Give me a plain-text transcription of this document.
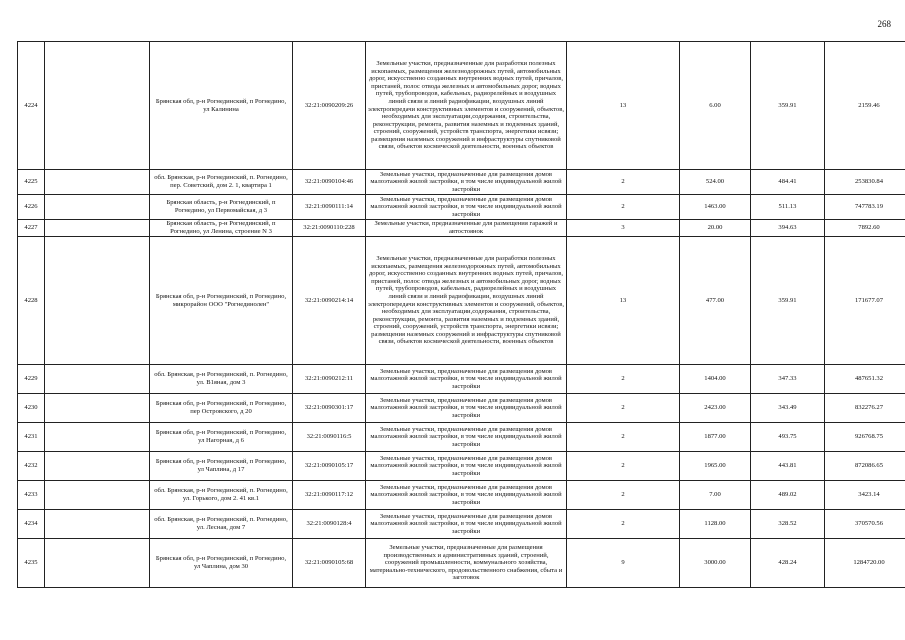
268
4224		Брянская обл, р-н Рогнединский, п Рогнедино, ул Калинина	32:21:0090209:26	Земельные участки, предназначенные для разработки полезных ископаемых, размещения железнодорожных путей, автомобильных дорог, искусственно созданных внутренних водных путей, причалов, пристаней, полос отвода железных и автомобильных дорог, водных путей, трубопроводов, кабельных, радиорелейных и воздушных линий связи и линий радиофикации, воздушных линий электропередачи конструктивных элементов и сооружений, объектов, необходимых для эксплуатации,содержания, строительства, реконструкции, ремонта, развития наземных и подземных зданий, строений, сооружений, устройств транспорта, энергетики исвязи; размещения наземных сооружений и инфраструктуры спутниковой связи, объектов космической деятельности, военных объектов	13	6.00	359.91	2159.46
4225		обл. Брянская, р-н Рогнединский, п. Рогнедино, пер. Советский, дом 2. 1, квартира 1	32:21:0090104:46	Земельные участки, предназначенные для размещения домов малоэтажной жилой застройки, в том числе индивидуальной жилой застройки	2	524.00	484.41	253830.84
4226		Брянская область, р-н Рогнединский, п Рогнедино, ул Первомайская, д 3	32:21:0090111:14	Земельные участки, предназначенные для размещения домов малоэтажной жилой застройки, в том числе индивидуальной жилой застройки	2	1463.00	511.13	747783.19
4227		Брянская область, р-н Рогнединский, п Рогнедино, ул Ленина, строение N 3	32:21:0090110:228	Земельные участки, предназначенные для размещения гаражей и автостоянок	3	20.00	394.63	7892.60
4228		Брянская обл, р-н Рогнединский, п Рогнедино, микрорайон ООО "Рогнединолен"	32:21:0090214:14	Земельные участки, предназначенные для разработки полезных ископаемых, размещения железнодорожных путей, автомобильных дорог, искусственно созданных внутренних водных путей, причалов, пристаней, полос отвода железных и автомобильных дорог, водных путей, трубопроводов, кабельных, радиорелейных и воздушных линий связи и линий радиофикации, воздушных линий электропередачи конструктивных элементов и сооружений, объектов, необходимых для эксплуатации,содержания, строительства, реконструкции, ремонта, развития наземных и подземных зданий, строений, сооружений, устройств транспорта, энергетики исвязи; размещения наземных сооружений и инфраструктуры спутниковой связи, объектов космической деятельности, военных объектов	13	477.00	359.91	171677.07
4229		обл. Брянская, р-н Рогнединский, п. Рогнедино, ул. В1яная, дом 3	32:21:0090212:11	Земельные участки, предназначенные для размещения домов малоэтажной жилой застройки, в том числе индивидуальной жилой застройки	2	1404.00	347.33	487651.32
4230		Брянская обл, р-н Рогнединский, п Рогнедино, пер Островского, д 20	32:21:0090301:17	Земельные участки, предназначенные для размещения домов малоэтажной жилой застройки, в том числе индивидуальной жилой застройки	2	2423.00	343.49	832276.27
4231		Брянская обл, р-н Рогнединский, п Рогнедино, ул Нагорная, д 6	32:21:0090116:5	Земельные участки, предназначенные для размещения домов малоэтажной жилой застройки, в том числе индивидуальной жилой застройки	2	1877.00	493.75	926768.75
4232		Брянская обл, р-н Рогнединский, п Рогнедино, ул Чаплина, д 17	32:21:0090105:17	Земельные участки, предназначенные для размещения домов малоэтажной жилой застройки, в том числе индивидуальной жилой застройки	2	1965.00	443.81	872086.65
4233		обл. Брянская, р-н Рогнединский, п. Рогнедино, ул. Горького, дом 2. 41 кв.1	32:21:0090117:12	Земельные участки, предназначенные для размещения домов малоэтажной жилой застройки, в том числе индивидуальной жилой застройки	2	7.00	489.02	3423.14
4234		обл. Брянская, р-н Рогнединский, п. Рогнедино, ул. Лесная, дом 7	32:21:0090128:4	Земельные участки, предназначенные для размещения домов малоэтажной жилой застройки, в том числе индивидуальной жилой застройки	2	1128.00	328.52	370570.56
4235		Брянская обл, р-н Рогнединский, п Рогнедино, ул Чаплина, дом 30	32:21:0090105:68	Земельные участки, предназначенные для размещения производственных и административных зданий, строений, сооружений промышленности, коммунального хозяйства, материально-технического, продовольственного снабжения, сбыта и заготовок	9	3000.00	428.24	1284720.00
